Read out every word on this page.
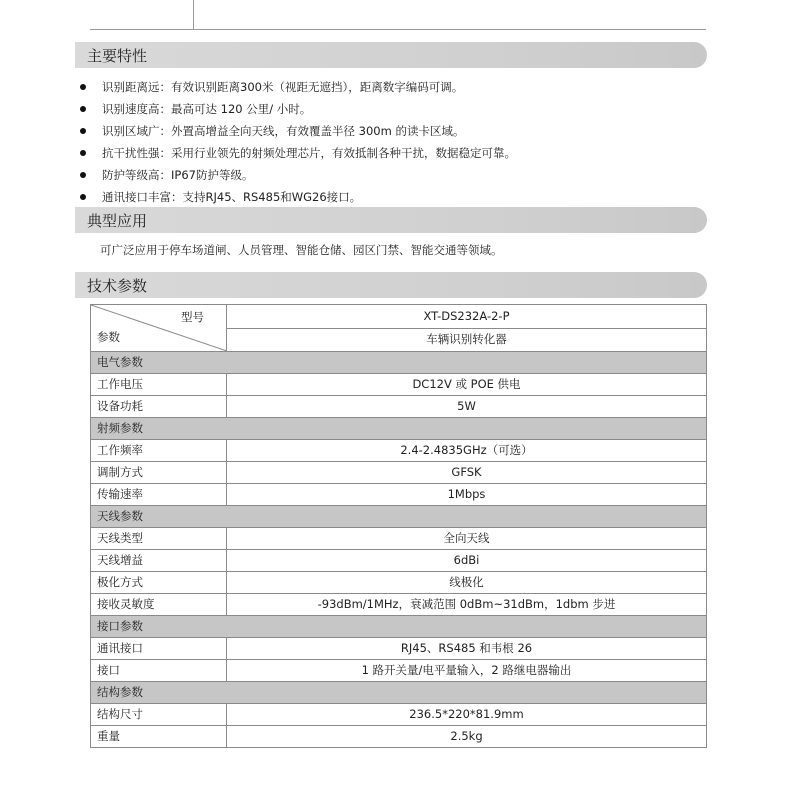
主要特性
识别距离远：有效识别距离300米（视距无遮挡），距离数字编码可调。
识别速度高：最高可达 120 公里/ 小时。
识别区域广：外置高增益全向天线，有效覆盖半径 300m 的读卡区域。
抗干扰性强：采用行业领先的射频处理芯片，有效抵制各种干扰，数据稳定可靠。
防护等级高：IP67防护等级。
通讯接口丰富：支持RJ45、RS485和WG26接口。
典型应用
可广泛应用于停车场道闸、人员管理、智能仓储、园区门禁、智能交通等领域。
技术参数
型号
参数	XT-DS232A-2-P
	车辆识别转化器
电气参数	
工作电压	DC12V 或 POE 供电
设备功耗	5W
射频参数	
工作频率	2.4-2.4835GHz（可选）
调制方式	GFSK
传输速率	1Mbps
天线参数	
天线类型	全向天线
天线增益	6dBi
极化方式	线极化
接收灵敏度	-93dBm/1MHz，衰减范围 0dBm~31dBm，1dbm 步进
接口参数	
通讯接口	RJ45、RS485 和韦根 26
接口	1 路开关量/电平量输入，2 路继电器输出
结构参数	
结构尺寸	236.5*220*81.9mm
重量	2.5kg
